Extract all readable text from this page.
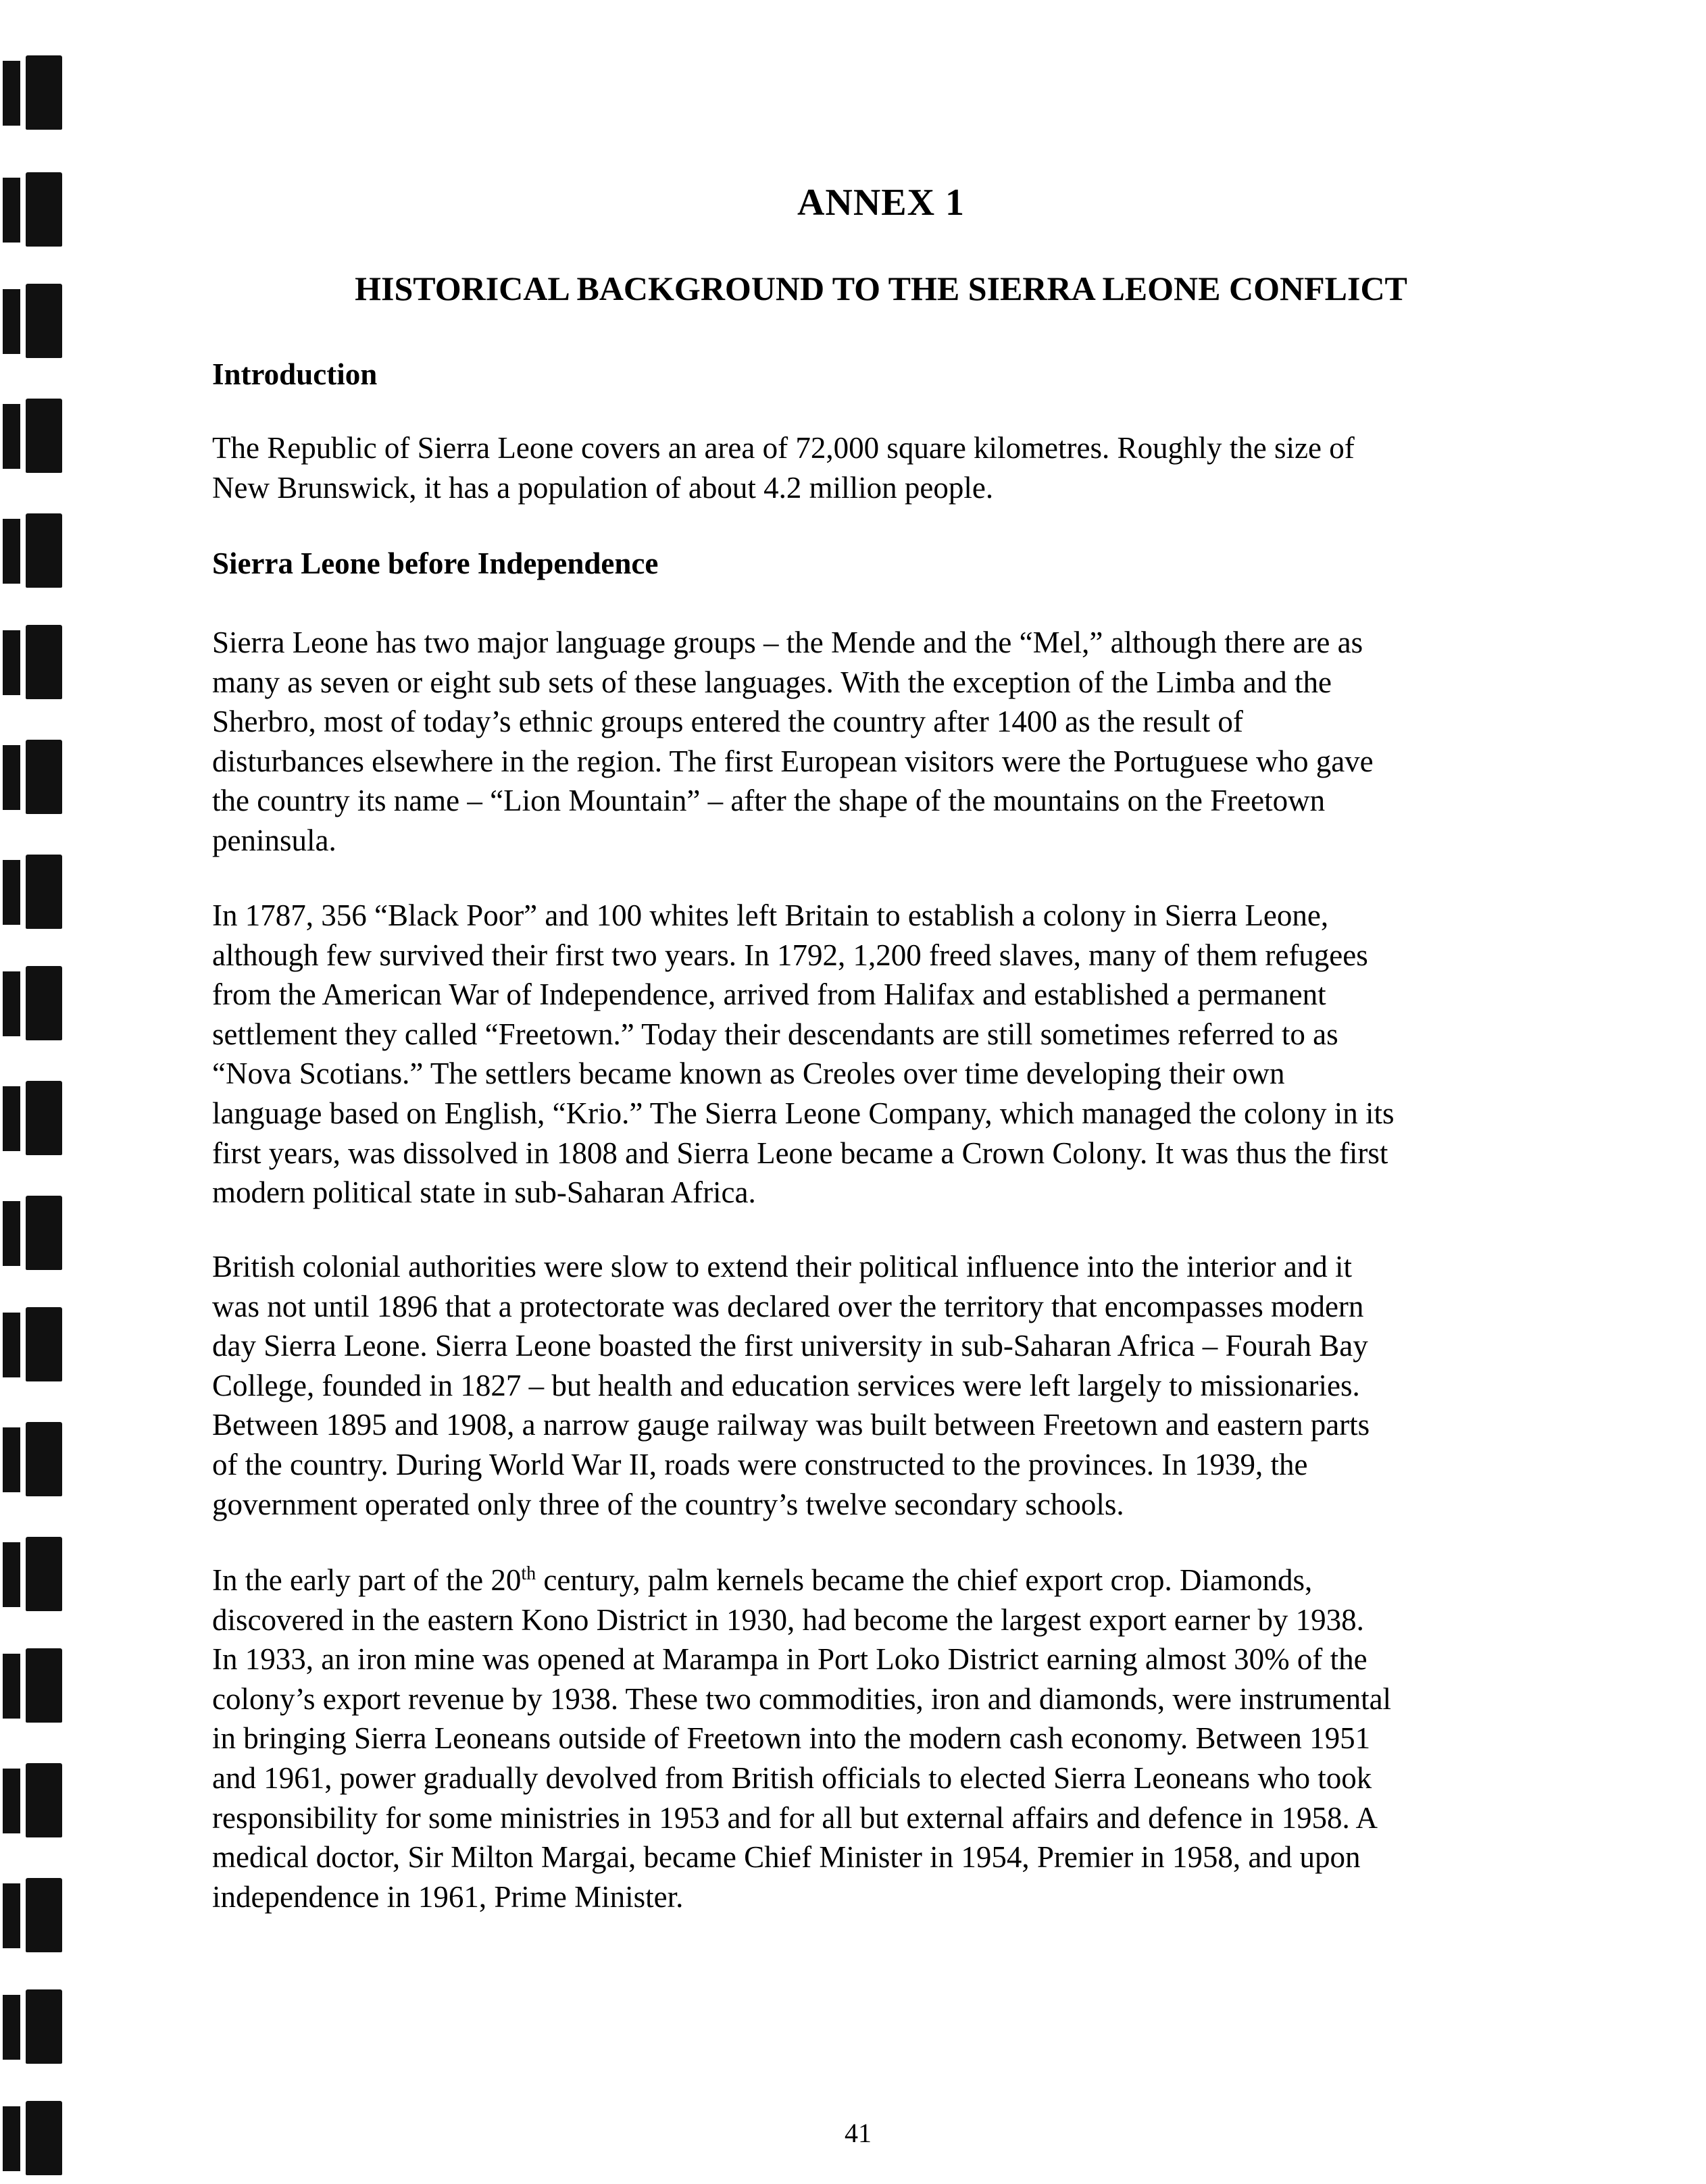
ANNEX 1
HISTORICAL BACKGROUND TO THE SIERRA LEONE CONFLICT
Introduction

The Republic of Sierra Leone covers an area of 72,000 square kilometres. Roughly the size of
New Brunswick, it has a population of about 4.2 million people.

Sierra Leone before Independence

Sierra Leone has two major language groups – the Mende and the “Mel,” although there are as
many as seven or eight sub sets of these languages. With the exception of the Limba and the
Sherbro, most of today’s ethnic groups entered the country after 1400 as the result of
disturbances elsewhere in the region. The first European visitors were the Portuguese who gave
the country its name – “Lion Mountain” – after the shape of the mountains on the Freetown
peninsula.

In 1787, 356 “Black Poor” and 100 whites left Britain to establish a colony in Sierra Leone,
although few survived their first two years. In 1792, 1,200 freed slaves, many of them refugees
from the American War of Independence, arrived from Halifax and established a permanent
settlement they called “Freetown.” Today their descendants are still sometimes referred to as
“Nova Scotians.” The settlers became known as Creoles over time developing their own
language based on English, “Krio.” The Sierra Leone Company, which managed the colony in its
first years, was dissolved in 1808 and Sierra Leone became a Crown Colony. It was thus the first
modern political state in sub-Saharan Africa.

British colonial authorities were slow to extend their political influence into the interior and it
was not until 1896 that a protectorate was declared over the territory that encompasses modern
day Sierra Leone. Sierra Leone boasted the first university in sub-Saharan Africa – Fourah Bay
College, founded in 1827 – but health and education services were left largely to missionaries.
Between 1895 and 1908, a narrow gauge railway was built between Freetown and eastern parts
of the country. During World War II, roads were constructed to the provinces. In 1939, the
government operated only three of the country’s twelve secondary schools.

In the early part of the 20th century, palm kernels became the chief export crop. Diamonds,
discovered in the eastern Kono District in 1930, had become the largest export earner by 1938.
In 1933, an iron mine was opened at Marampa in Port Loko District earning almost 30% of the
colony’s export revenue by 1938. These two commodities, iron and diamonds, were instrumental
in bringing Sierra Leoneans outside of Freetown into the modern cash economy. Between 1951
and 1961, power gradually devolved from British officials to elected Sierra Leoneans who took
responsibility for some ministries in 1953 and for all but external affairs and defence in 1958. A
medical doctor, Sir Milton Margai, became Chief Minister in 1954, Premier in 1958, and upon
independence in 1961, Prime Minister.

41
